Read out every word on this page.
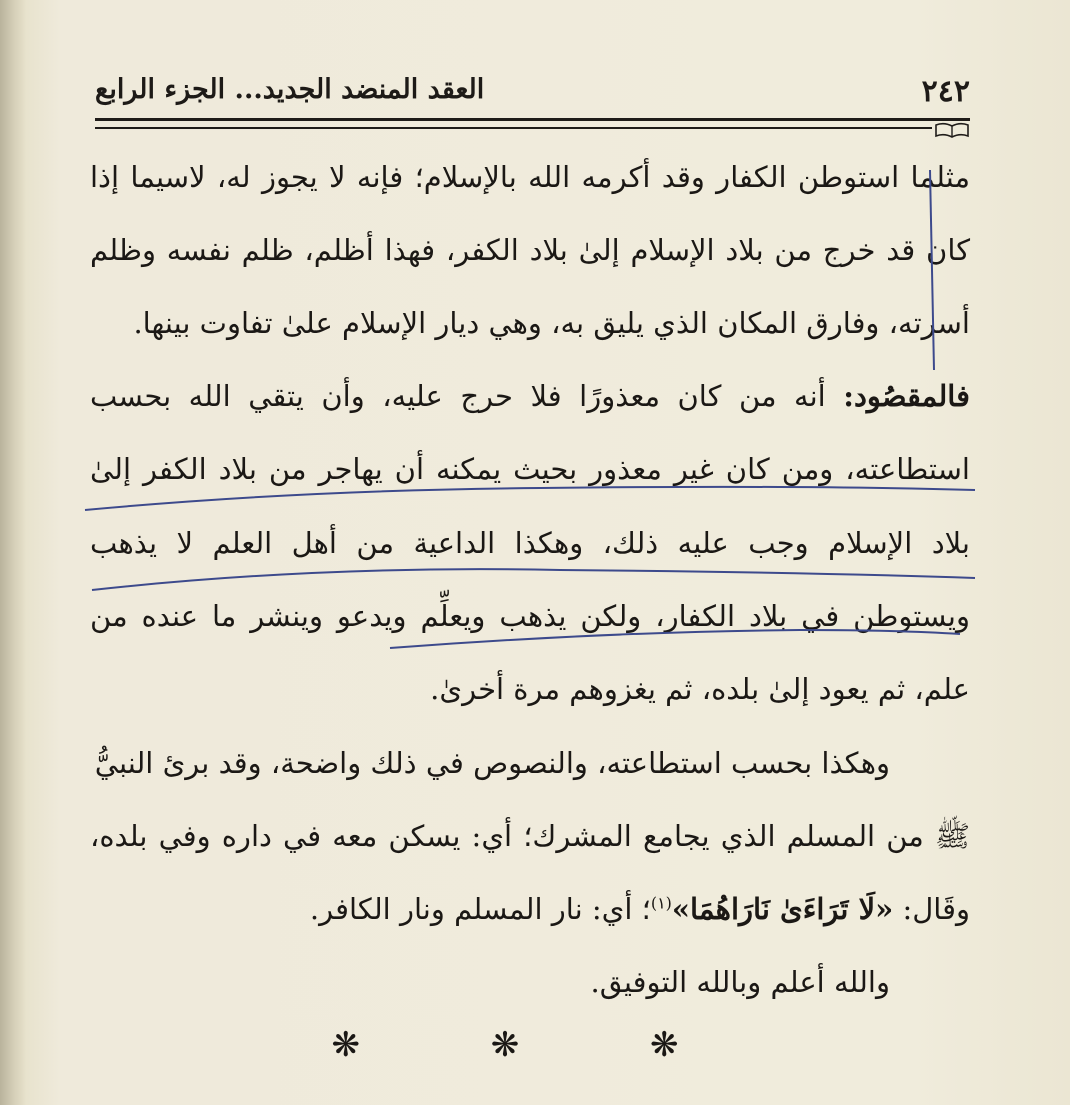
٢٤٢
العقد المنضد الجديد... الجزء الرابع
مثلما استوطن الكفار وقد أكرمه الله بالإسلام؛ فإنه لا يجوز له، لاسيما إذا
كان قد خرج من بلاد الإسلام إلىٰ بلاد الكفر، فهذا أظلم، ظلم نفسه وظلم
أسرته، وفارق المكان الذي يليق به، وهي ديار الإسلام علىٰ تفاوت بينها.
فالمقصُود: أنه من كان معذورًا فلا حرج عليه، وأن يتقي الله بحسب
استطاعته، ومن كان غير معذور بحيث يمكنه أن يهاجر من بلاد الكفر إلىٰ
بلاد الإسلام وجب عليه ذلك، وهكذا الداعية من أهل العلم لا يذهب
ويستوطن في بلاد الكفار، ولكن يذهب ويعلِّم ويدعو وينشر ما عنده من
علم، ثم يعود إلىٰ بلده، ثم يغزوهم مرة أخرىٰ.
وهكذا بحسب استطاعته، والنصوص في ذلك واضحة، وقد برئ النبيُّ
ﷺ من المسلم الذي يجامع المشرك؛ أي: يسكن معه في داره وفي بلده،
وقَال: «لَا تَرَاءَىٰ نَارَاهُمَا»$^{(١)}$؛ أي: نار المسلم ونار الكافر.
والله أعلم وبالله التوفيق.
❋ ❋ ❋
